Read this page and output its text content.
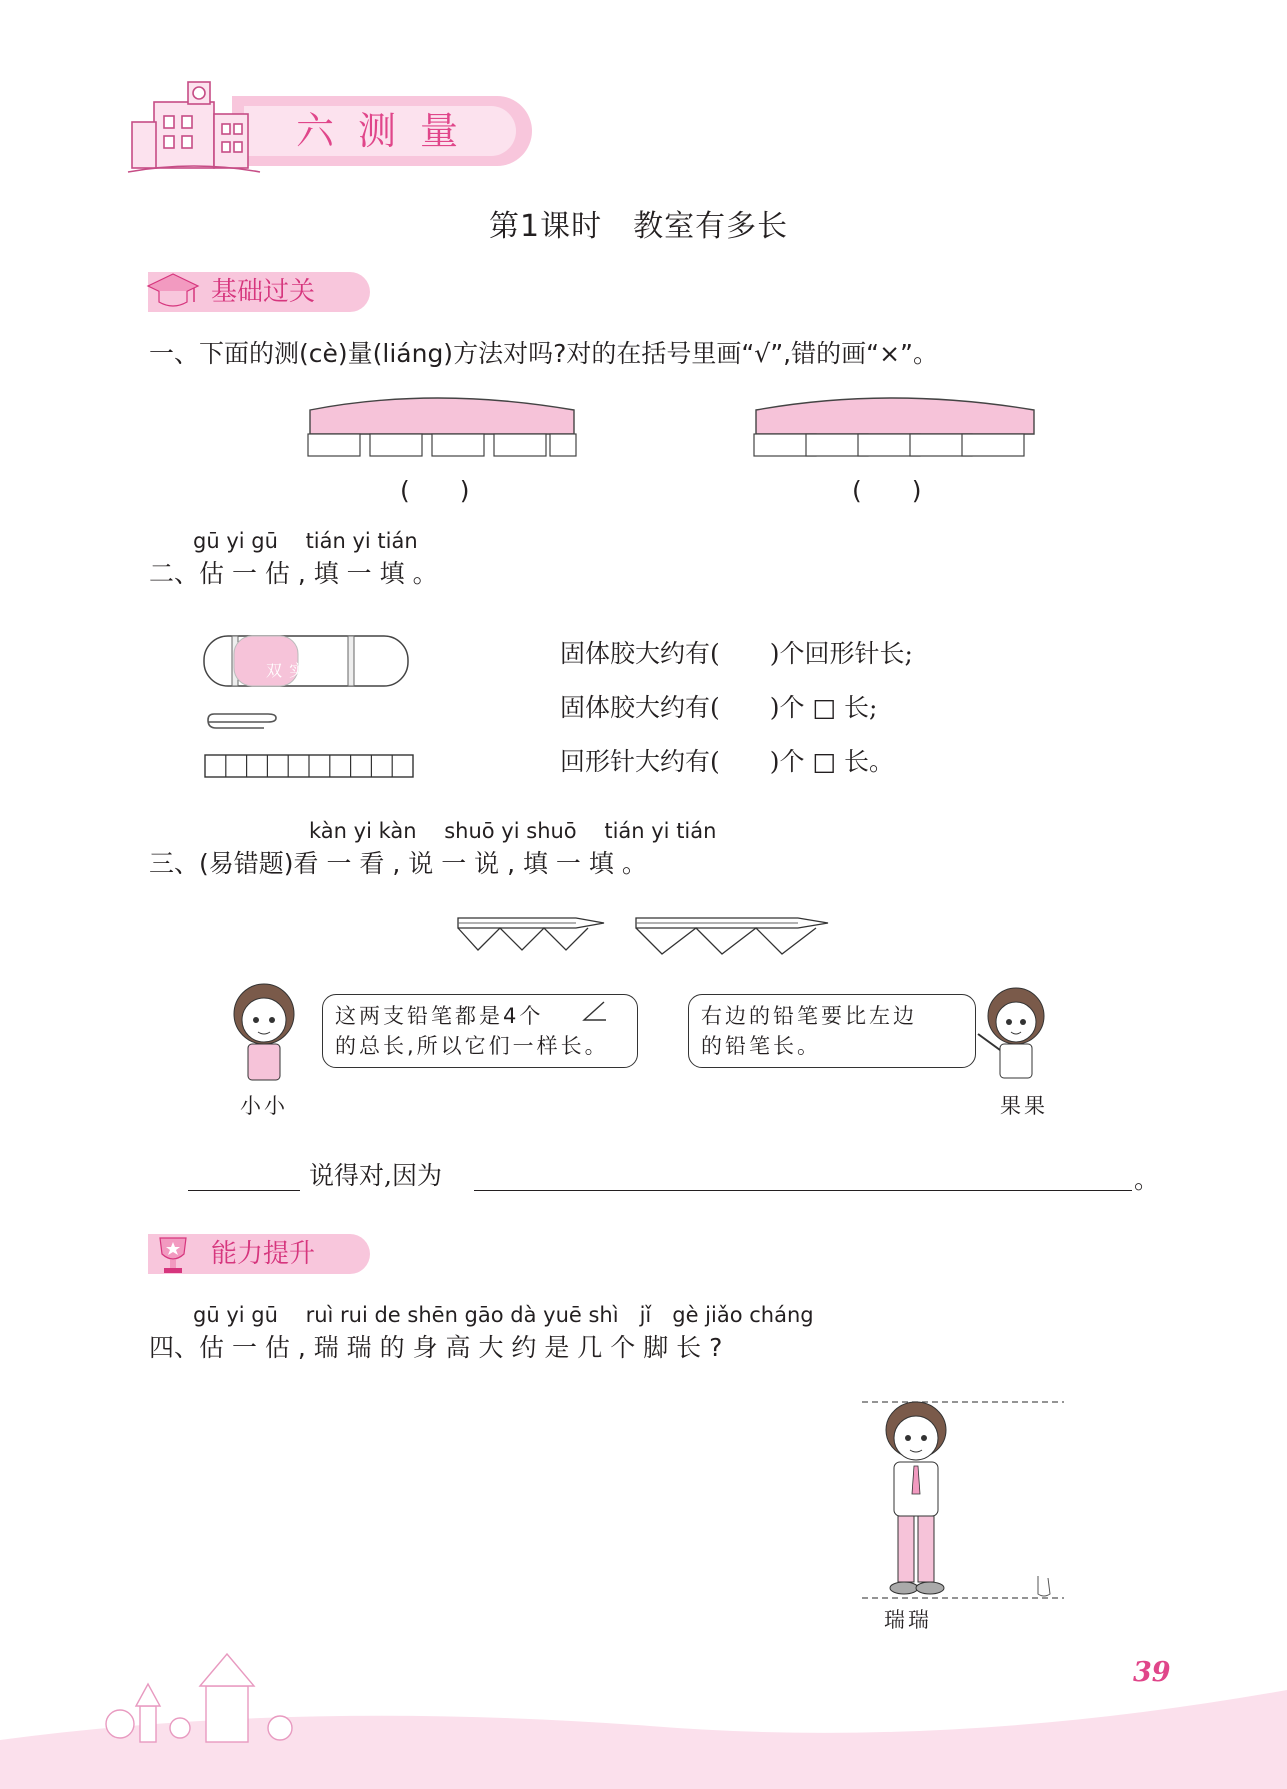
六测量
第1课时　教室有多长
基础过关
一、下面的测(cè)量(liáng)方法对吗?对的在括号里画“√”,错的画“×”。
(　　)	(　　)
gū yi gū　 tián yi tián
二、估 一 估 , 填 一 填 。
双 实 图
固体胶大约有(　　)个回形针长;
固体胶大约有(　　)个 □ 长;
回形针大约有(　　)个 □ 长。
kàn yi kàn　 shuō yi shuō　 tián yi tián
三、(易错题)看 一 看 , 说 一 说 , 填 一 填 。
这两支铅笔都是4个
的总长,所以它们一样长。
小小
右边的铅笔要比左边
的铅笔长。
果果
说得对,因为	。
能力提升
gū yi gū　 ruì rui de shēn gāo dà yuē shì　jǐ　gè jiǎo cháng
四、估 一 估 , 瑞 瑞 的 身 高 大 约 是 几 个 脚 长 ?
瑞瑞
39
